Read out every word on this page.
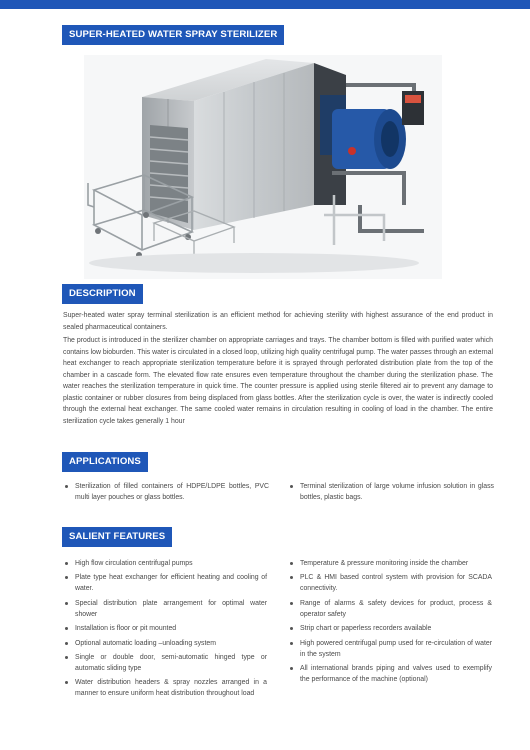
SUPER-HEATED WATER SPRAY STERILIZER
DESCRIPTION

Super-heated water spray terminal sterilization is an efficient method for achieving sterility with highest assurance of the end product in sealed pharmaceutical containers.

The product is introduced in the sterilizer chamber on appropriate carriages and trays. The chamber bottom is filled with purified water which contains low bioburden. This water is circulated in a closed loop, utilizing high quality centrifugal pump. The water passes through an external heat exchanger to reach appropriate sterilization temperature before it is sprayed through perforated distribution plate from the top of the chamber in a cascade form. The elevated flow rate ensures even temperature throughout the chamber during the sterilization phase. The water reaches the sterilization temperature in quick time. The counter pressure is applied using sterile filtered air to prevent any damage to plastic container or rubber closures from being displaced from glass bottles. After the sterilization cycle is over, the water is indirectly cooled through the external heat exchanger. The same cooled water remains in circulation resulting in cooling of load in the chamber. The entire sterilization cycle takes generally 1 hour

APPLICATIONS
Sterilization of filled containers of HDPE/LDPE bottles, PVC multi layer pouches or glass bottles.
Terminal sterilization of large volume infusion solution in glass bottles, plastic bags.
SALIENT FEATURES
High flow circulation centrifugal pumps
Plate type heat exchanger for efficient heating and cooling of water.
Special distribution plate arrangement for optimal water shower
Installation is floor or pit mounted
Optional automatic loading –unloading system
Single or double door, semi-automatic hinged type or automatic sliding type
Water distribution headers & spray nozzles arranged in a manner to ensure uniform heat distribution throughout load
Temperature & pressure monitoring inside the chamber
PLC & HMI based control system with provision for SCADA connectivity.
Range of alarms & safety devices for product, process & operator safety
Strip chart or paperless recorders available
High powered centrifugal pump used for re-circulation of water in the system
All international brands piping and valves used to exemplify the performance of the machine (optional)
